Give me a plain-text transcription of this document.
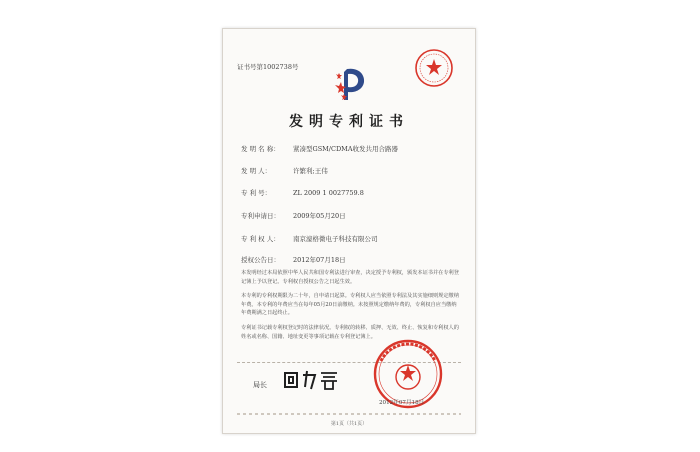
证书号第1002738号
发明专利证书
发 明 名 称： 紧凑型GSM/CDMA收发共用合路器
发 明 人：	许繁利;王伟
专 利 号：	ZL 2009 1 0027759.8
专利申请日： 2009年05月20日
专 利 权 人： 南京濠格微电子科技有限公司
授权公告日： 2012年07月18日
本发明经过本局依照中华人民共和国专利法进行审查，决定授予专利权，颁发本证书并在专利登记簿上予以登记。专利权自授权公告之日起生效。
本专利的专利权期限为二十年，自申请日起算。专利权人应当依照专利法及其实施细则规定缴纳年费。本专利的年费应当在每年05月20日前缴纳。未按照规定缴纳年费的，专利权自应当缴纳年费期满之日起终止。
专利证书记载专利权登记时的法律状况。专利权的转移、质押、无效、终止、恢复和专利权人的姓名或名称、国籍、地址变更等事项记载在专利登记簿上。
局长
2012年07月18日
第1页（共1页）
